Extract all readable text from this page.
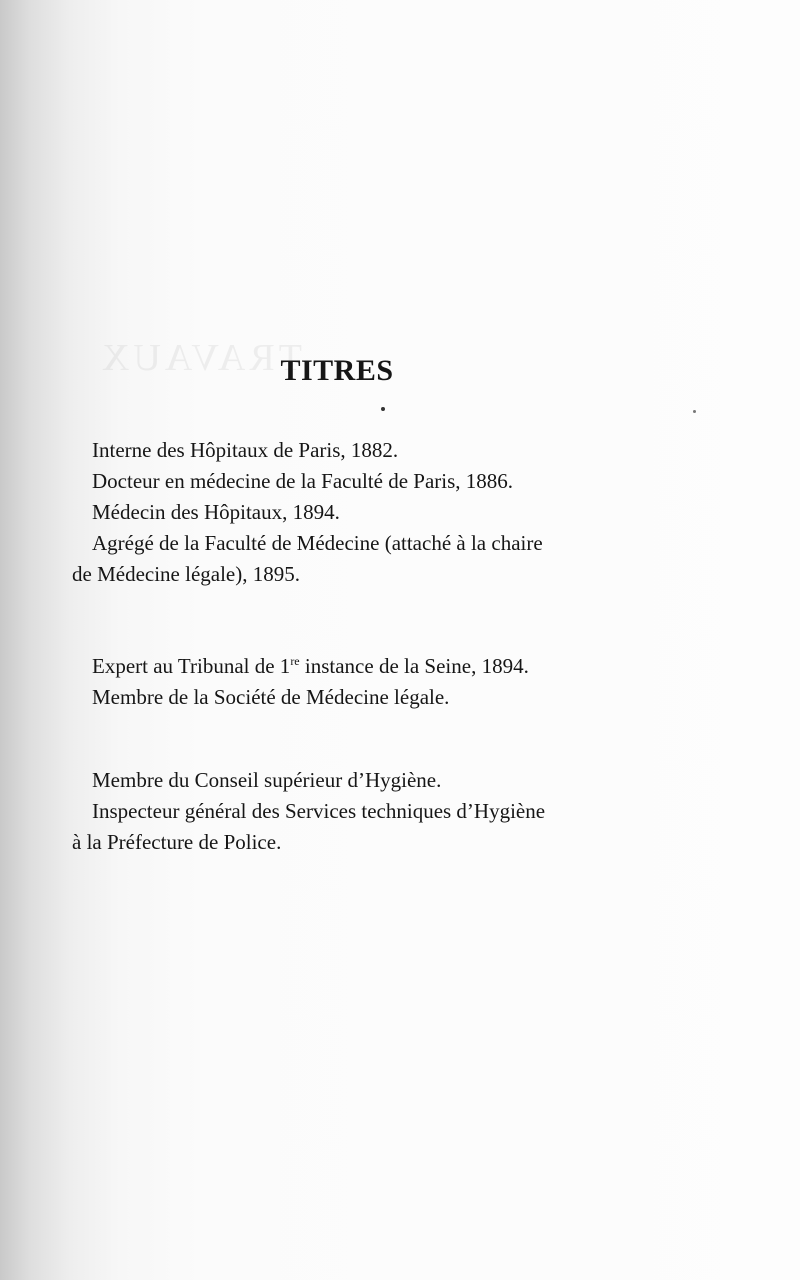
TRAVAUX
TITRES

Interne des Hôpitaux de Paris, 1882.

Docteur en médecine de la Faculté de Paris, 1886.

Médecin des Hôpitaux, 1894.

Agrégé de la Faculté de Médecine (attaché à la chaire

de Médecine légale), 1895.

Expert au Tribunal de 1re instance de la Seine, 1894.

Membre de la Société de Médecine légale.

Membre du Conseil supérieur d’Hygiène.

Inspecteur général des Services techniques d’Hygiène

à la Préfecture de Police.
